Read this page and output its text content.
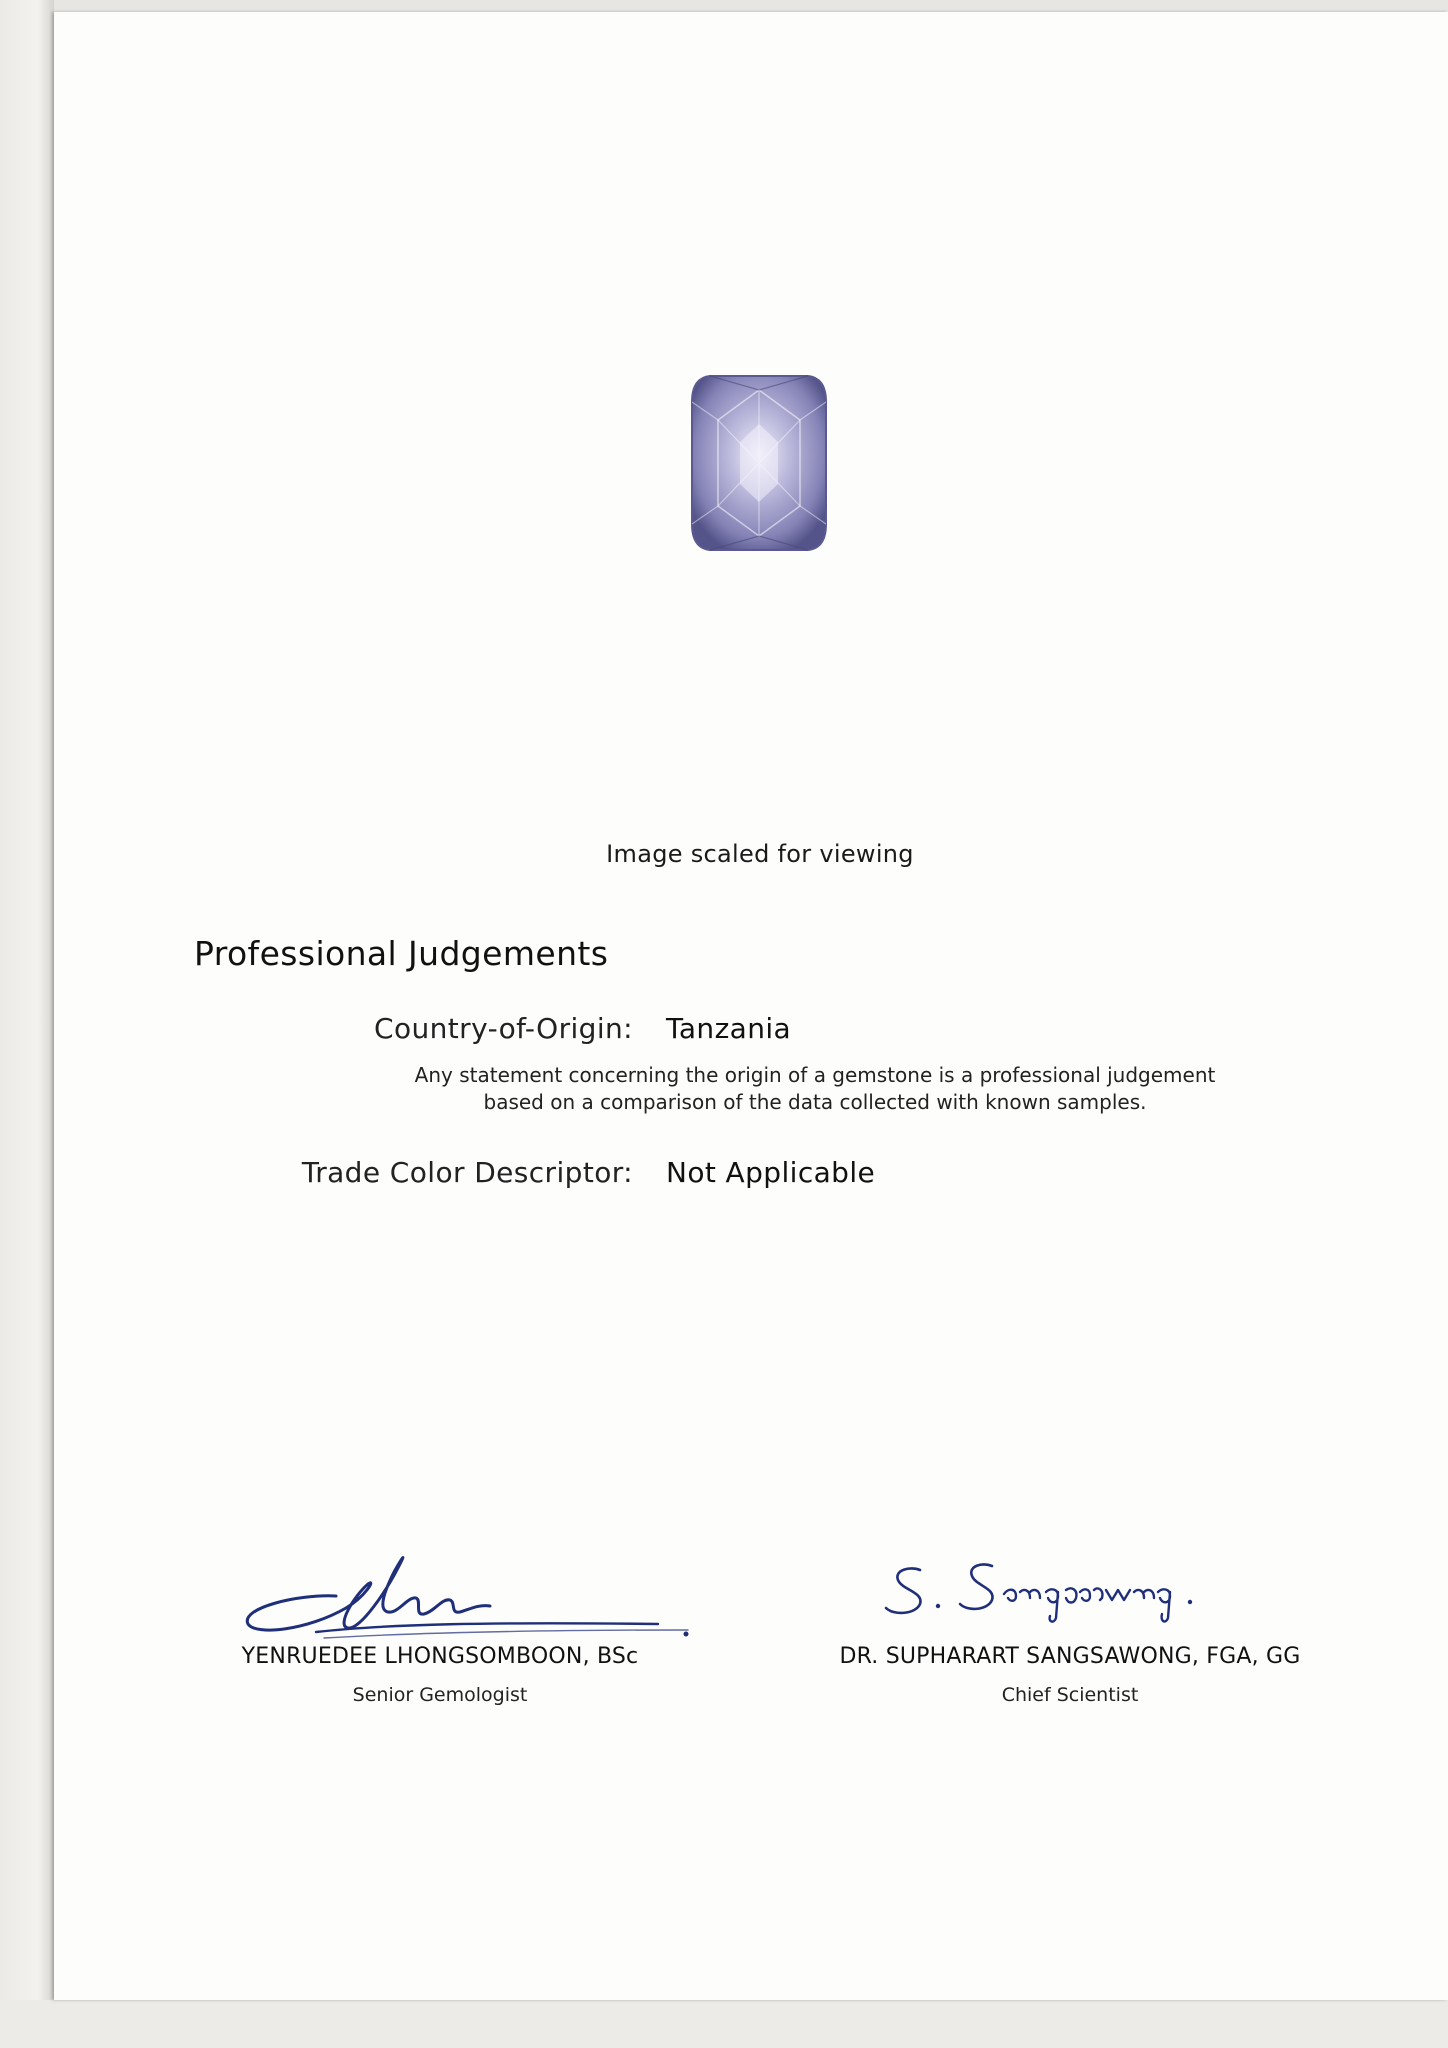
Image scaled for viewing
Professional Judgements
Country-of-Origin: Tanzania
Any statement concerning the origin of a gemstone is a professional judgement
based on a comparison of the data collected with known samples.
Trade Color Descriptor: Not Applicable
YENRUEDEE LHONGSOMBOON, BSc
Senior Gemologist
DR. SUPHARART SANGSAWONG, FGA, GG
Chief Scientist
